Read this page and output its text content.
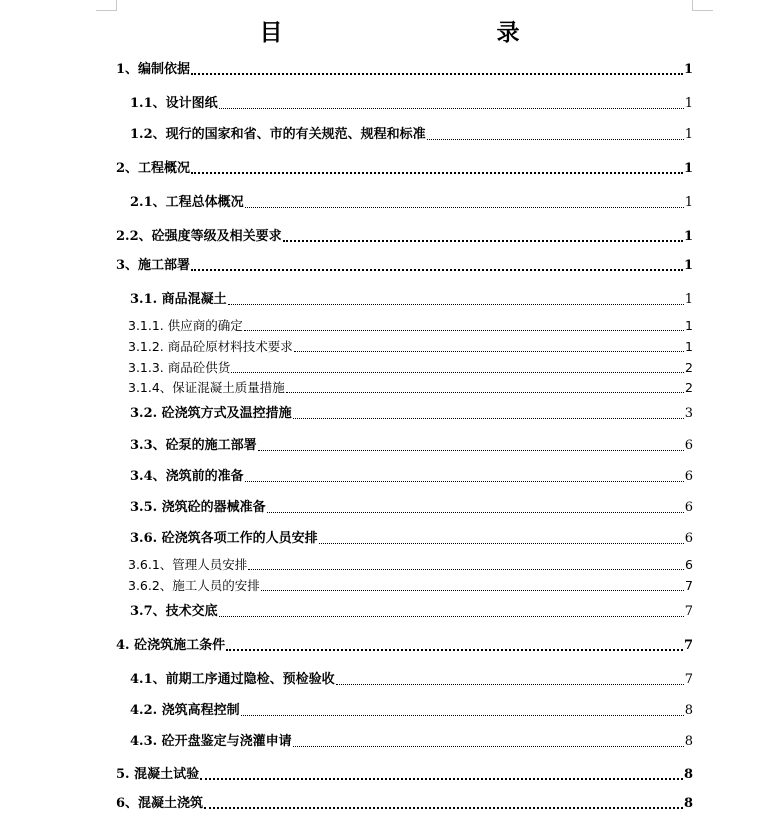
目　　录
1、编制依据	1
1.1、设计图纸	1
1.2、现行的国家和省、市的有关规范、规程和标准	1
2、工程概况	1
2.1、工程总体概况	1
2.2、砼强度等级及相关要求	1
3、施工部署	1
3.1. 商品混凝土	1
3.1.1. 供应商的确定	1
3.1.2. 商品砼原材料技术要求	1
3.1.3. 商品砼供货	2
3.1.4、保证混凝土质量措施	2
3.2. 砼浇筑方式及温控措施	3
3.3、砼泵的施工部署	6
3.4、浇筑前的准备	6
3.5. 浇筑砼的器械准备	6
3.6. 砼浇筑各项工作的人员安排	6
3.6.1、管理人员安排	6
3.6.2、施工人员的安排	7
3.7、技术交底	7
4. 砼浇筑施工条件	7
4.1、前期工序通过隐检、预检验收	7
4.2. 浇筑高程控制	8
4.3. 砼开盘鉴定与浇灌申请	8
5. 混凝土试验	8
6、混凝土浇筑	8
